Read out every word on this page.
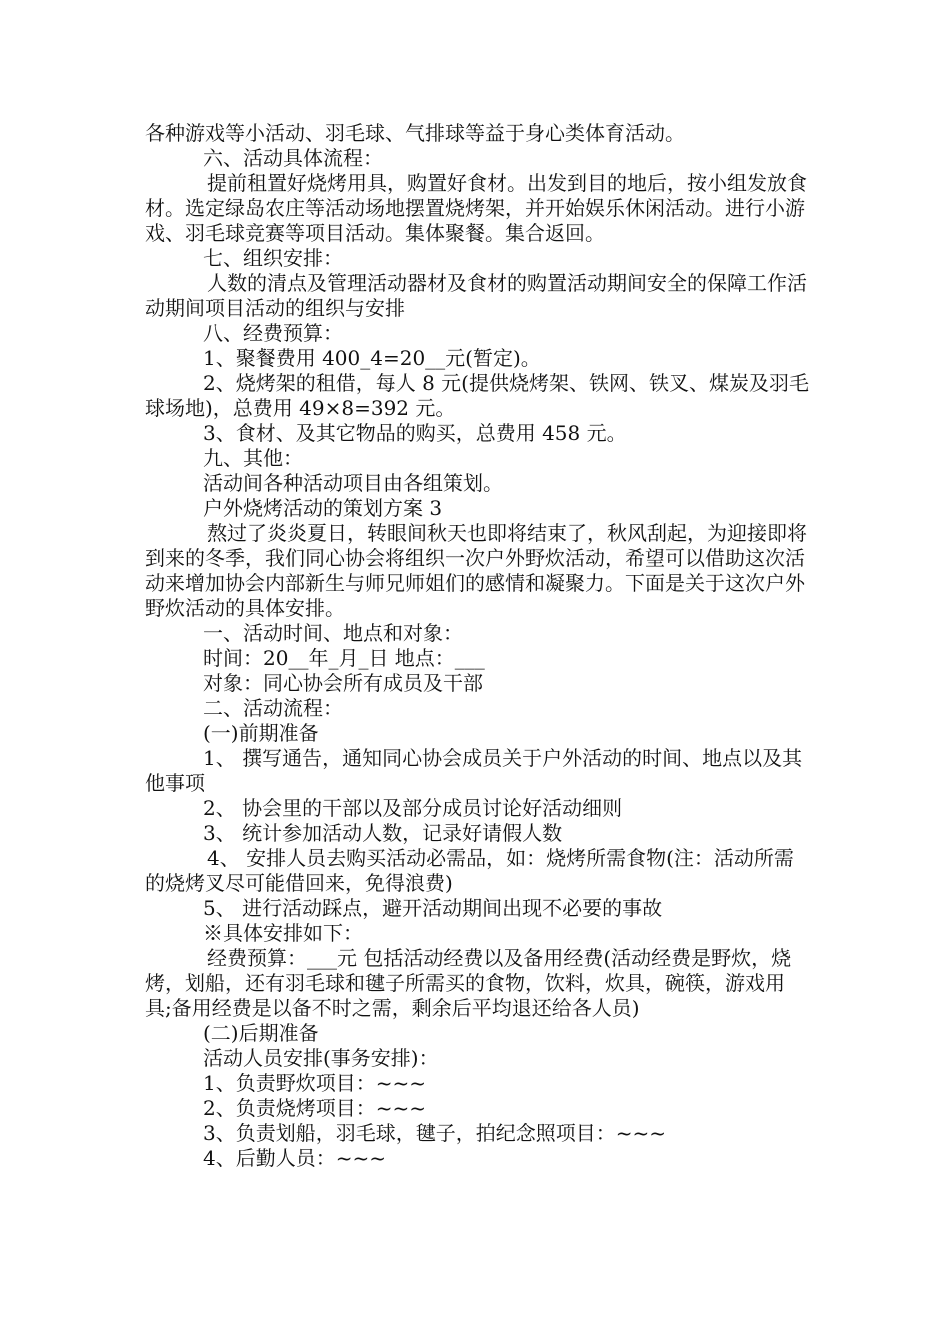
各种游戏等小活动、羽毛球、气排球等益于身心类体育活动。

六、活动具体流程：

提前租置好烧烤用具，购置好食材。出发到目的地后，按小组发放食材。选定绿岛农庄等活动场地摆置烧烤架，并开始娱乐休闲活动。进行小游戏、羽毛球竞赛等项目活动。集体聚餐。集合返回。

七、组织安排：

人数的清点及管理活动器材及食材的购置活动期间安全的保障工作活动期间项目活动的组织与安排

八、经费预算：

1、聚餐费用 400_4=20__元(暂定)。

2、烧烤架的租借，每人 8 元(提供烧烤架、铁网、铁叉、煤炭及羽毛球场地)，总费用 49×8=392 元。

3、食材、及其它物品的购买，总费用 458 元。

九、其他：

活动间各种活动项目由各组策划。

户外烧烤活动的策划方案 3

熬过了炎炎夏日，转眼间秋天也即将结束了，秋风刮起，为迎接即将到来的冬季，我们同心协会将组织一次户外野炊活动，希望可以借助这次活动来增加协会内部新生与师兄师姐们的感情和凝聚力。下面是关于这次户外野炊活动的具体安排。

一、活动时间、地点和对象：

时间：20__年_月_日 地点：___

对象：同心协会所有成员及干部

二、活动流程：

(一)前期准备

1、 撰写通告，通知同心协会成员关于户外活动的时间、地点以及其他事项

2、 协会里的干部以及部分成员讨论好活动细则

3、 统计参加活动人数，记录好请假人数

4、 安排人员去购买活动必需品，如：烧烤所需食物(注：活动所需的烧烤叉尽可能借回来，免得浪费)

5、 进行活动踩点，避开活动期间出现不必要的事故

※具体安排如下：

经费预算：___元 包括活动经费以及备用经费(活动经费是野炊，烧烤，划船，还有羽毛球和毽子所需买的食物，饮料，炊具，碗筷，游戏用具;备用经费是以备不时之需，剩余后平均退还给各人员)

(二)后期准备

活动人员安排(事务安排)：

1、负责野炊项目：~~~

2、负责烧烤项目：~~~

3、负责划船，羽毛球，毽子，拍纪念照项目：~~~

4、后勤人员：~~~
